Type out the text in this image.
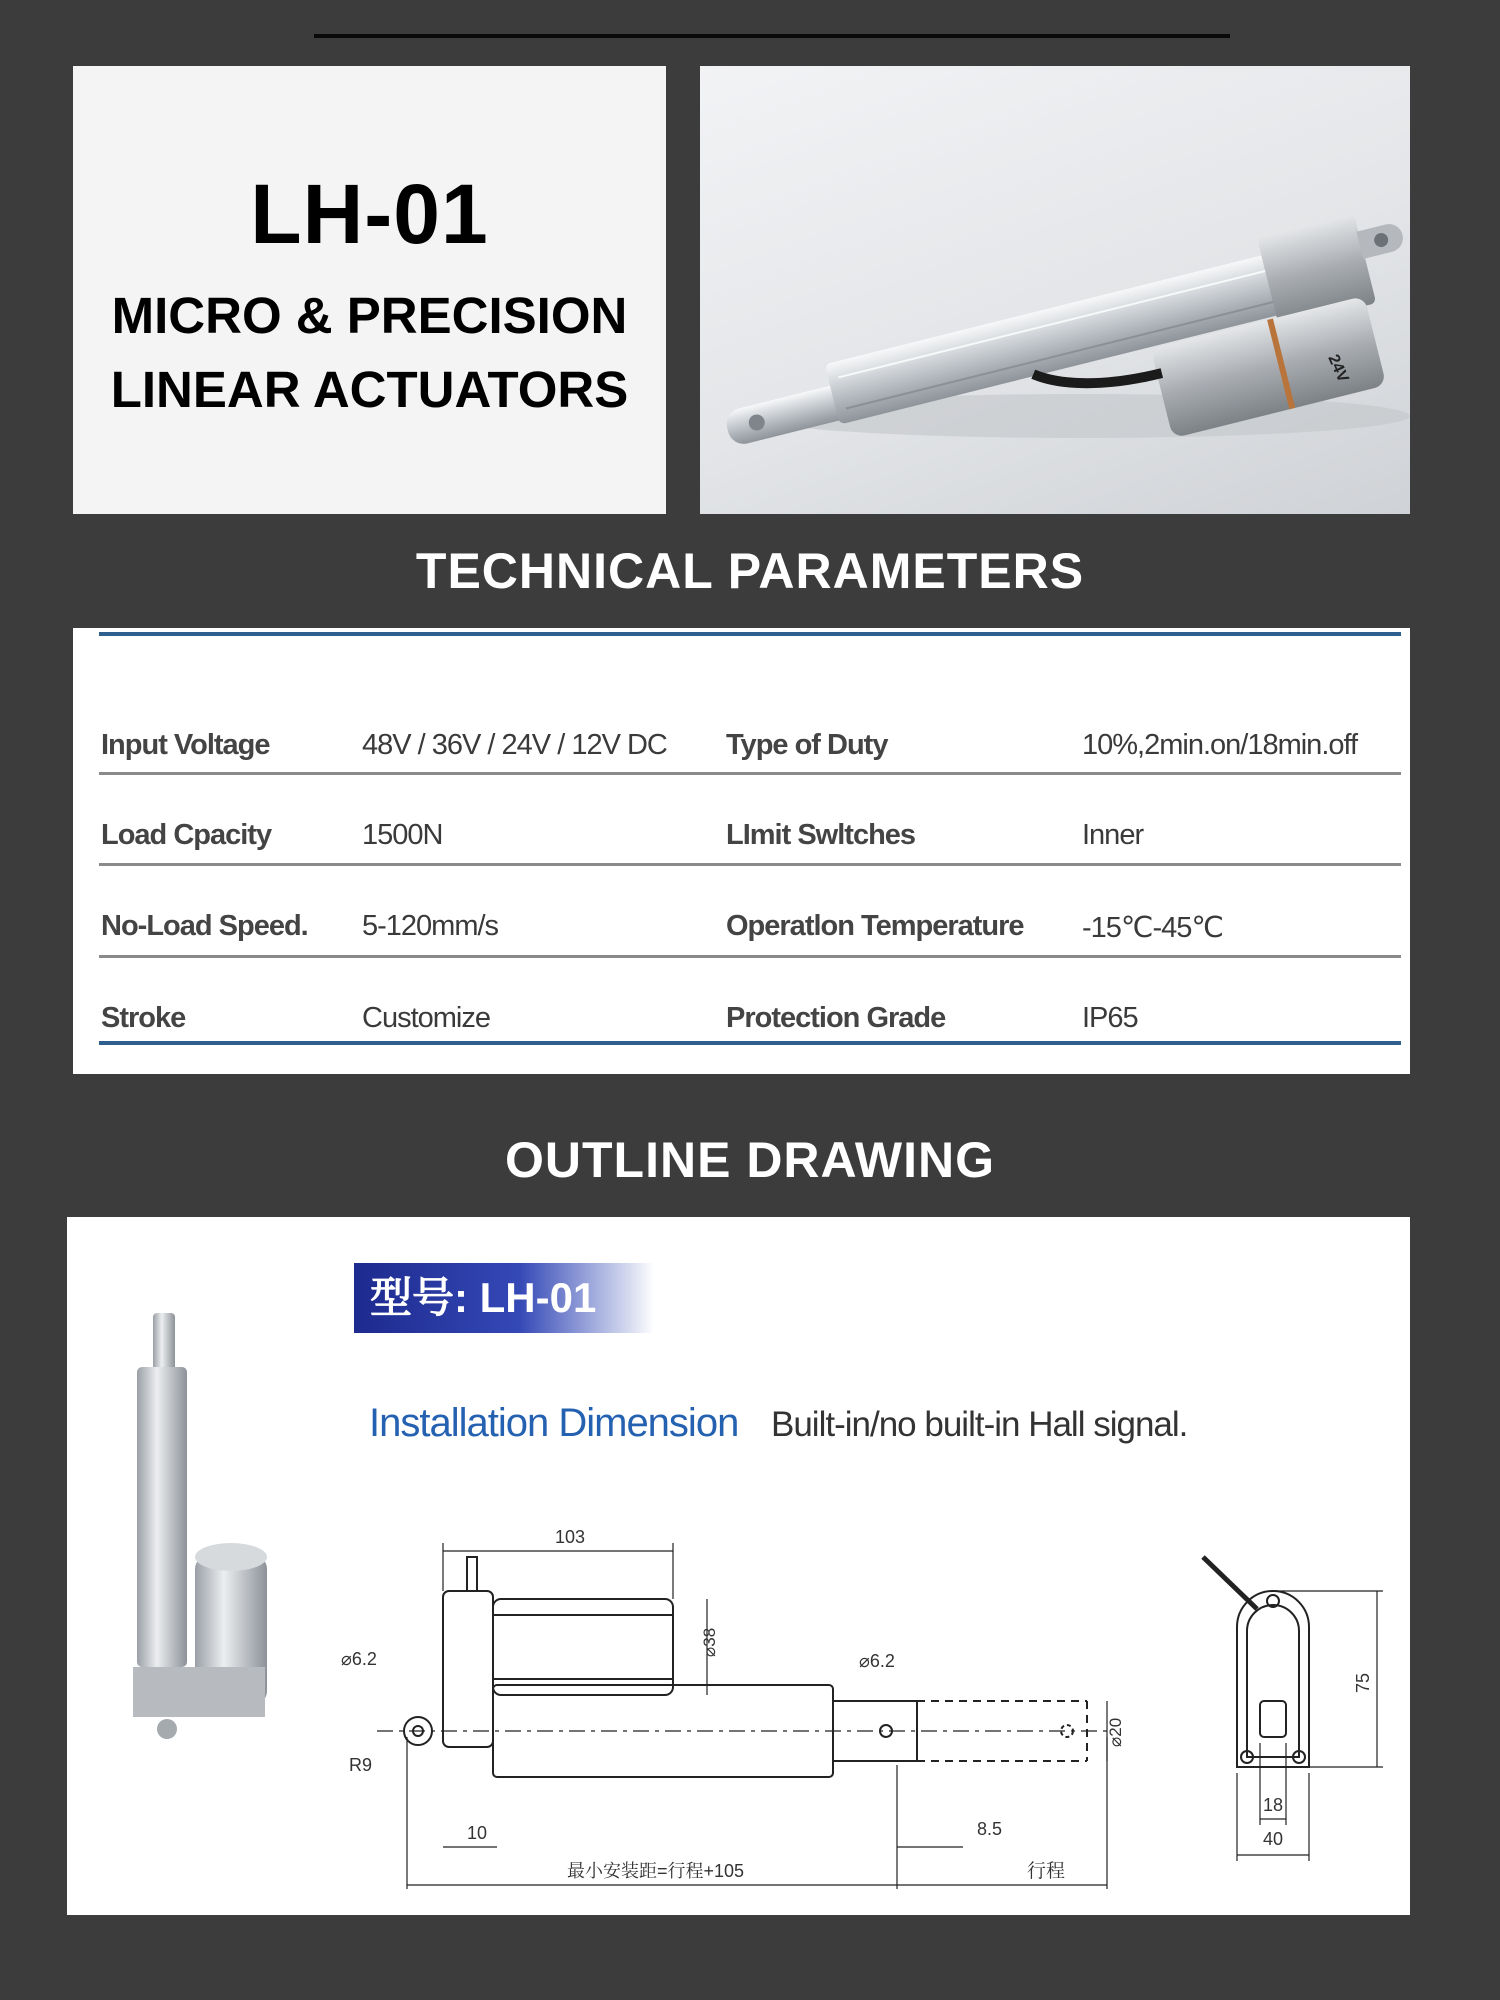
LH-01
MICRO & PRECISION
LINEAR ACTUATORS	24V
TECHNICAL PARAMETERS
Input Voltage	48V / 36V / 24V / 12V DC Type of Duty	10%,2min.on/18min.off
Load Cpacity	1500N	LImit Swltches	Inner
No-Load Speed. 5-120mm/s	Operatlon Temperature -15℃-45℃
Stroke	Customize	Protection Grade	IP65
OUTLINE DRAWING
型号: LH-01
Installation Dimension Built-in/no built-in Hall signal.
103
⌀38
⌀6.2	⌀6.2
R9
10
最小安装距=行程+105
8.5
行程
⌀20
75
18
40
